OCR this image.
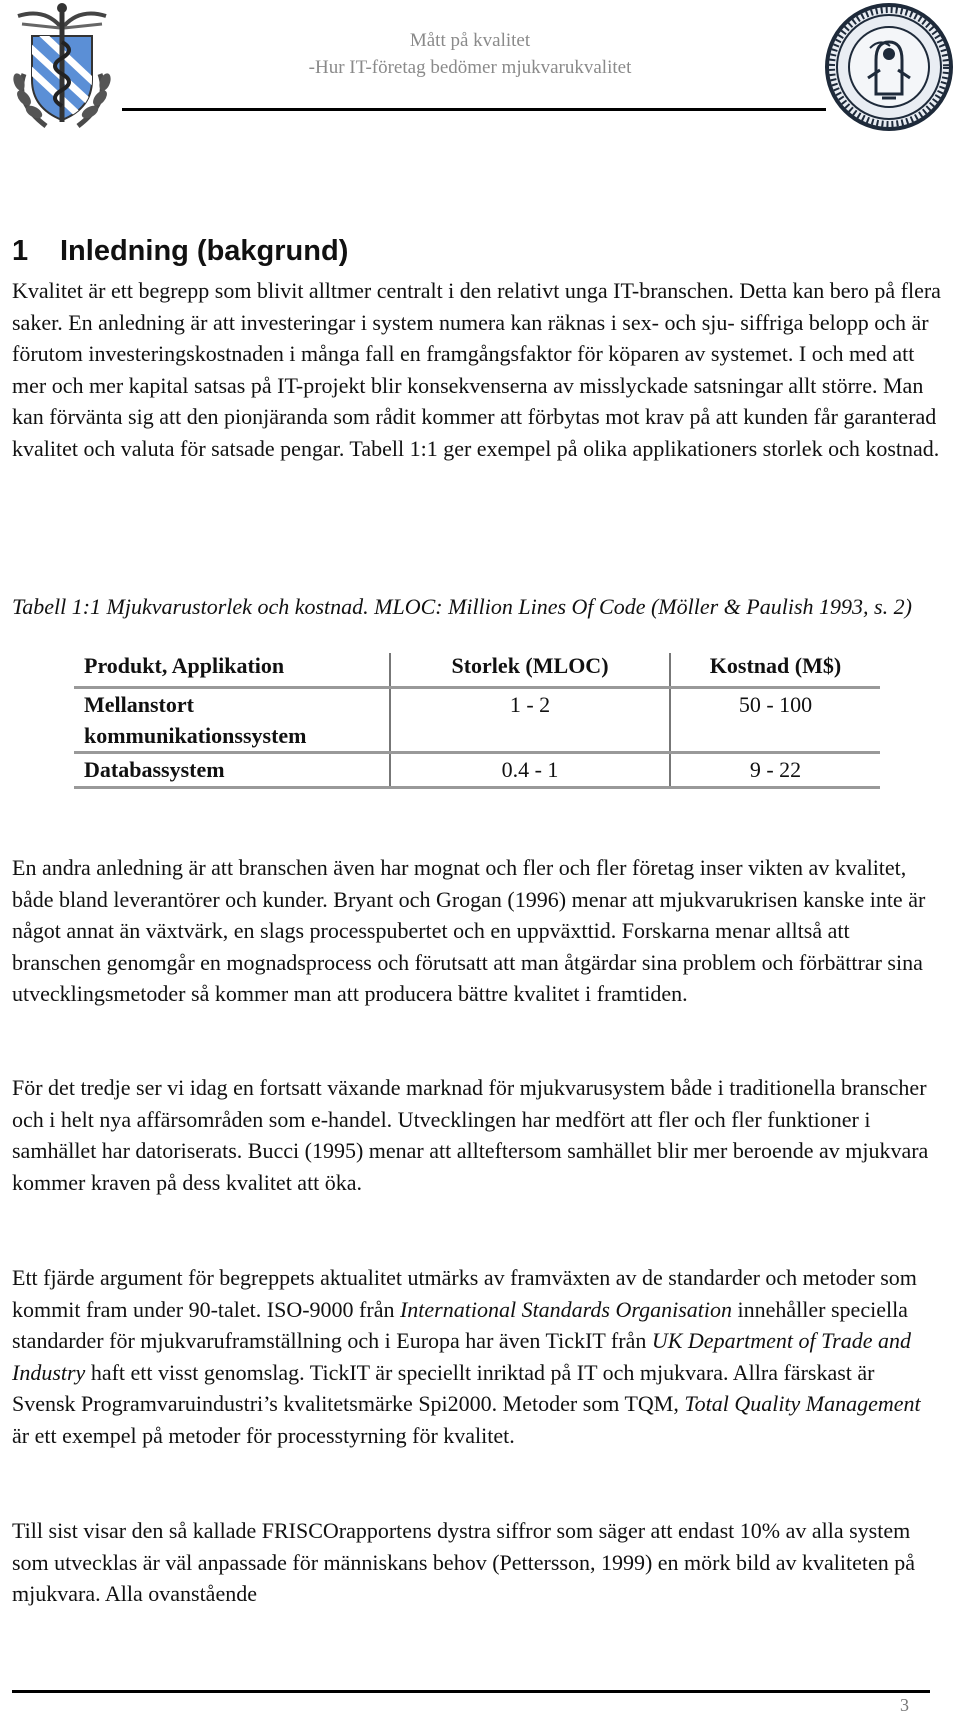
Mått på kvalitet
-Hur IT-företag bedömer mjukvarukvalitet
1 Inledning (bakgrund)

Kvalitet är ett begrepp som blivit alltmer centralt i den relativt unga IT-branschen. Detta kan bero på flera saker. En anledning är att investeringar i system numera kan räknas i sex- och sju- siffriga belopp och är förutom investeringskostnaden i många fall en framgångsfaktor för köparen av systemet. I och med att mer och mer kapital satsas på IT-projekt blir konsekvenserna av misslyckade satsningar allt större. Man kan förvänta sig att den pionjäranda som rådit kommer att förbytas mot krav på att kunden får garanterad kvalitet och valuta för satsade pengar. Tabell 1:1 ger exempel på olika applikationers storlek och kostnad.

Tabell 1:1 Mjukvarustorlek och kostnad. MLOC: Million Lines Of Code (Möller & Paulish 1993, s. 2)

Produkt, Applikation	Storlek (MLOC)	Kostnad (M$)
Mellanstort kommunikationssystem	1 - 2	50 - 100
Databassystem	0.4 - 1	9 - 22

En andra anledning är att branschen även har mognat och fler och fler företag inser vikten av kvalitet, både bland leverantörer och kunder. Bryant och Grogan (1996) menar att mjukvarukrisen kanske inte är något annat än växtvärk, en slags processpubertet och en uppväxttid. Forskarna menar alltså att branschen genomgår en mognadsprocess och förutsatt att man åtgärdar sina problem och förbättrar sina utvecklingsmetoder så kommer man att producera bättre kvalitet i framtiden.

För det tredje ser vi idag en fortsatt växande marknad för mjukvarusystem både i traditionella branscher och i helt nya affärsområden som e-handel. Utvecklingen har medfört att fler och fler funktioner i samhället har datoriserats. Bucci (1995) menar att allteftersom samhället blir mer beroende av mjukvara kommer kraven på dess kvalitet att öka.

Ett fjärde argument för begreppets aktualitet utmärks av framväxten av de standarder och metoder som kommit fram under 90-talet. ISO-9000 från International Standards Organisation innehåller speciella standarder för mjukvaruframställning och i Europa har även TickIT från UK Department of Trade and Industry haft ett visst genomslag. TickIT är speciellt inriktad på IT och mjukvara. Allra färskast är Svensk Programvaruindustri’s kvalitetsmärke Spi2000. Metoder som TQM, Total Quality Management är ett exempel på metoder för processtyrning för kvalitet.

Till sist visar den så kallade FRISCOrapportens dystra siffror som säger att endast 10% av alla system som utvecklas är väl anpassade för människans behov (Pettersson, 1999) en mörk bild av kvaliteten på mjukvara. Alla ovanstående

3
